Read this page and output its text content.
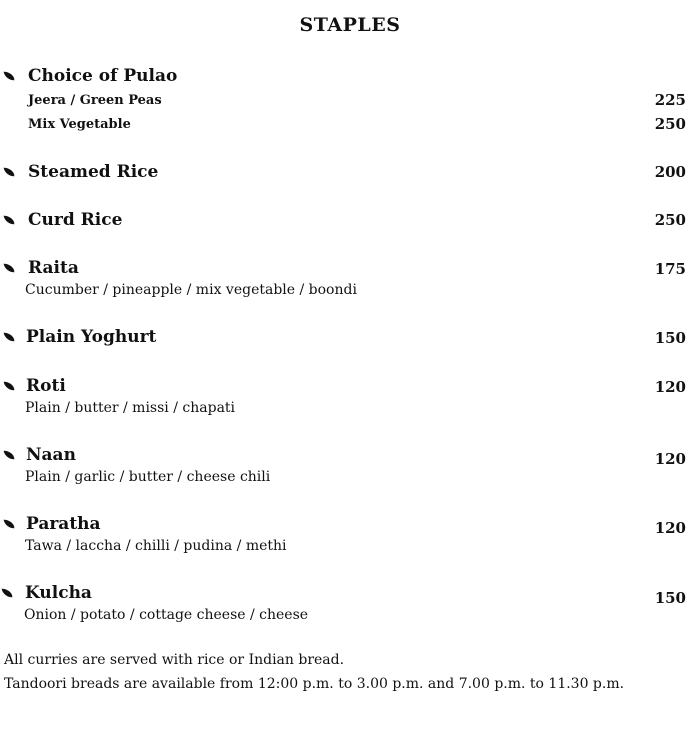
STAPLES
Choice of Pulao
Jeera / Green Peas	225
Mix Vegetable	250
Steamed Rice	200
Curd Rice	250
Raita	175
Cucumber / pineapple / mix vegetable / boondi
Plain Yoghurt	150
Roti	120
Plain / butter / missi / chapati
Naan	120
Plain / garlic / butter / cheese chili
Paratha	120
Tawa / laccha / chilli / pudina / methi
Kulcha	150
Onion / potato / cottage cheese / cheese
All curries are served with rice or Indian bread.
Tandoori breads are available from 12:00 p.m. to 3.00 p.m. and 7.00 p.m. to 11.30 p.m.
